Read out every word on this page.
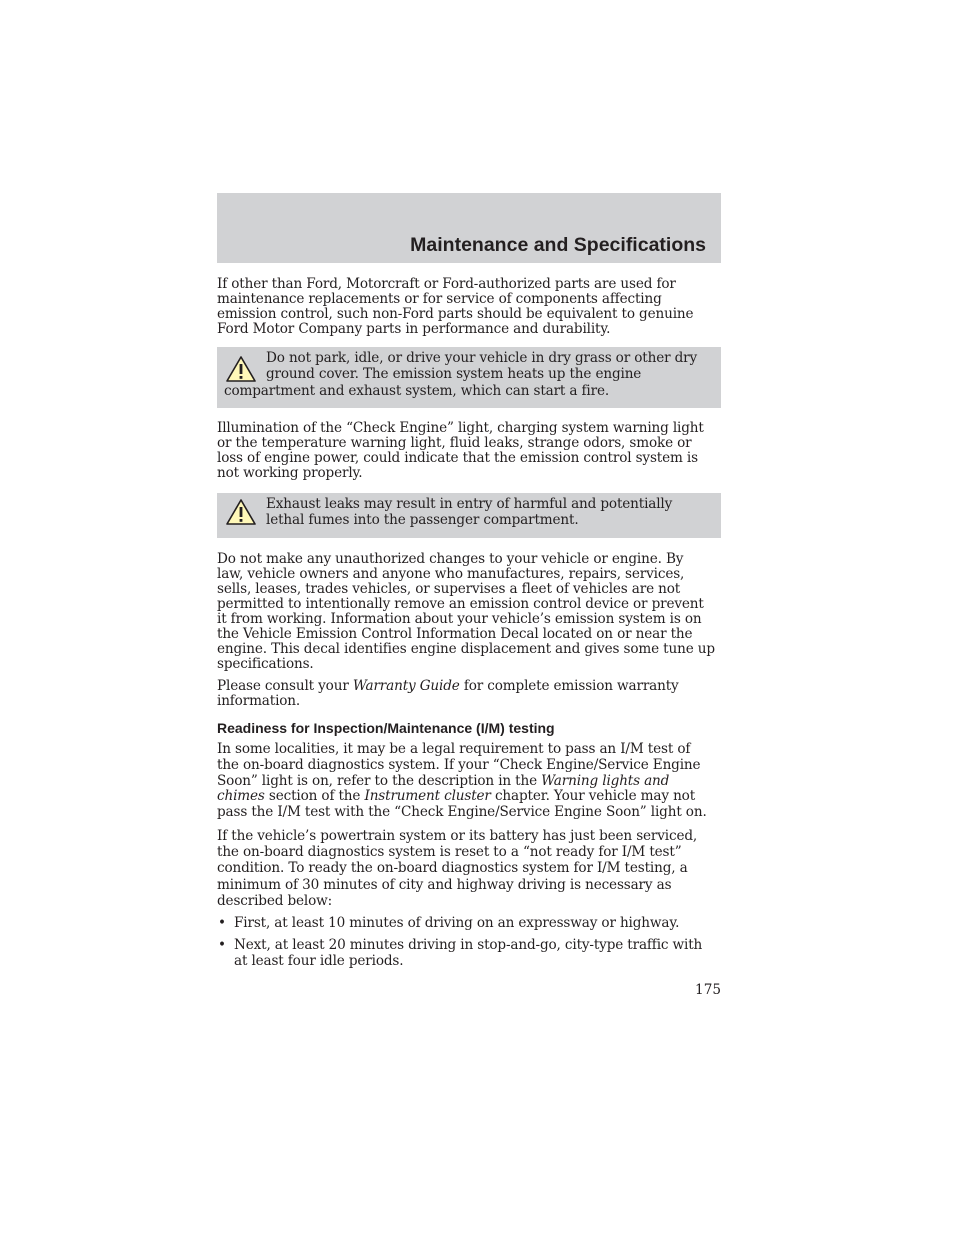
Maintenance and Specifications

If other than Ford, Motorcraft or Ford-authorized parts are used for
maintenance replacements or for service of components affecting
emission control, such non-Ford parts should be equivalent to genuine
Ford Motor Company parts in performance and durability.

Do not park, idle, or drive your vehicle in dry grass or other dry
ground cover. The emission system heats up the engine
compartment and exhaust system, which can start a fire.

Illumination of the “Check Engine” light, charging system warning light
or the temperature warning light, fluid leaks, strange odors, smoke or
loss of engine power, could indicate that the emission control system is
not working properly.

Exhaust leaks may result in entry of harmful and potentially
lethal fumes into the passenger compartment.

Do not make any unauthorized changes to your vehicle or engine. By
law, vehicle owners and anyone who manufactures, repairs, services,
sells, leases, trades vehicles, or supervises a fleet of vehicles are not
permitted to intentionally remove an emission control device or prevent
it from working. Information about your vehicle’s emission system is on
the Vehicle Emission Control Information Decal located on or near the
engine. This decal identifies engine displacement and gives some tune up
specifications.

Please consult your Warranty Guide for complete emission warranty
information.

Readiness for Inspection/Maintenance (I/M) testing

In some localities, it may be a legal requirement to pass an I/M test of
the on-board diagnostics system. If your “Check Engine/Service Engine
Soon” light is on, refer to the description in the Warning lights and
chimes section of the Instrument cluster chapter. Your vehicle may not
pass the I/M test with the “Check Engine/Service Engine Soon” light on.

If the vehicle’s powertrain system or its battery has just been serviced,
the on-board diagnostics system is reset to a “not ready for I/M test”
condition. To ready the on-board diagnostics system for I/M testing, a
minimum of 30 minutes of city and highway driving is necessary as
described below:

• First, at least 10 minutes of driving on an expressway or highway.
• Next, at least 20 minutes driving in stop-and-go, city-type traffic with
at least four idle periods.
175
